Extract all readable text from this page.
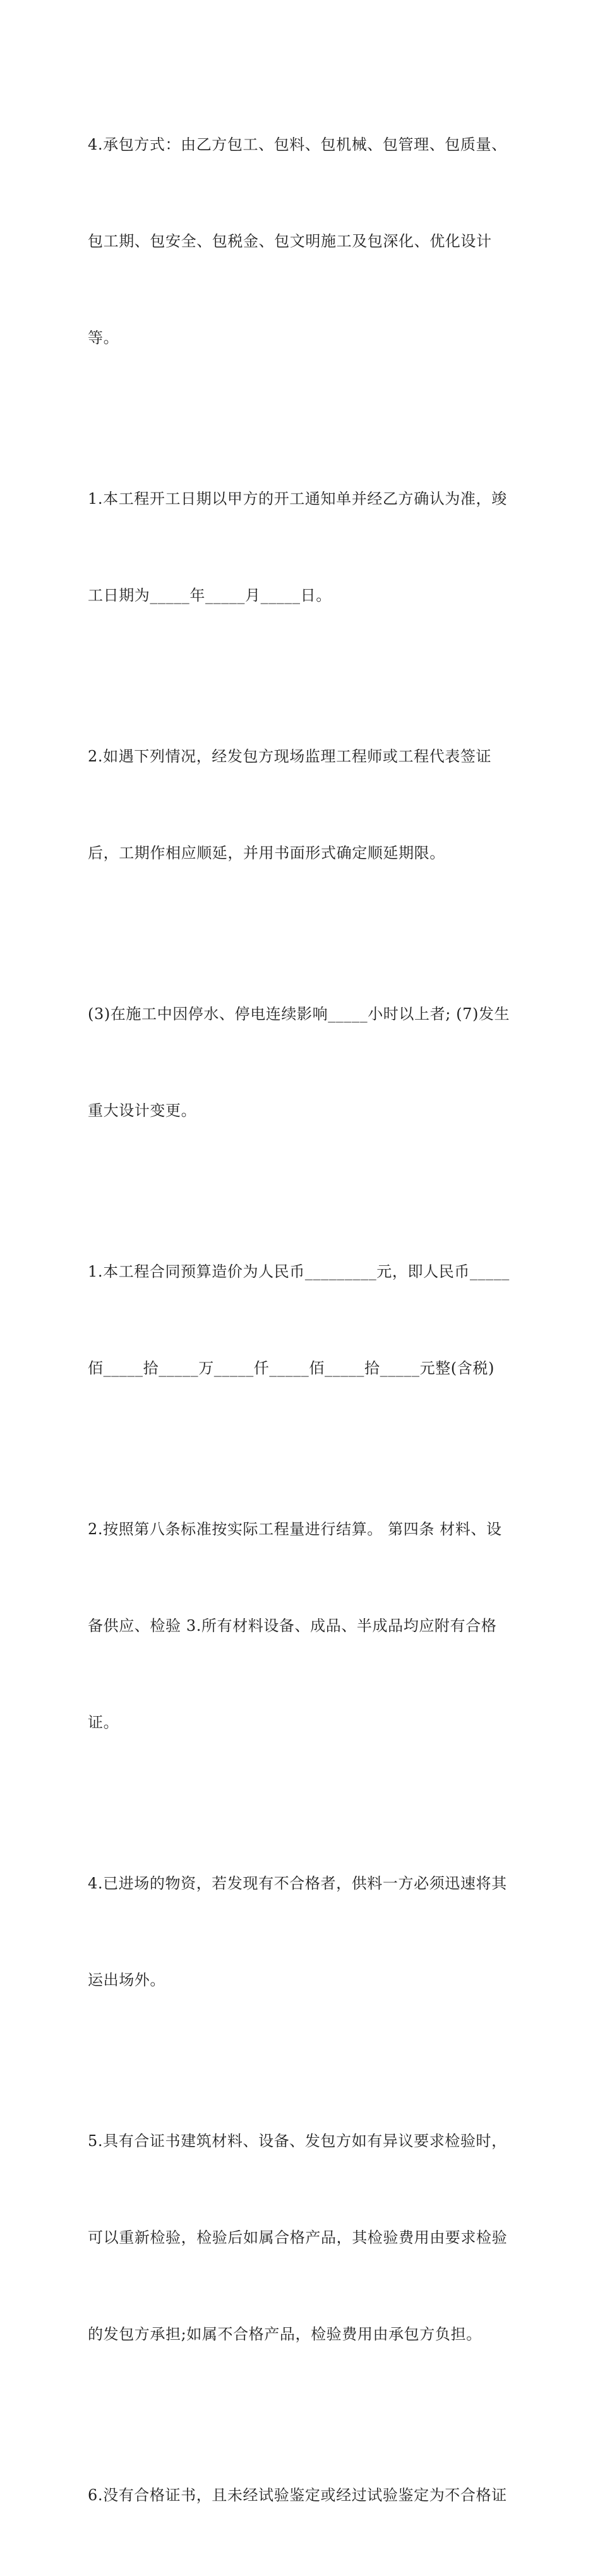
4.承包方式：由乙方包工、包料、包机械、包管理、包质量、

包工期、包安全、包税金、包文明施工及包深化、优化设计

等。

1.本工程开工日期以甲方的开工通知单并经乙方确认为准，竣

工日期为_____年_____月_____日。

2.如遇下列情况，经发包方现场监理工程师或工程代表签证

后，工期作相应顺延，并用书面形式确定顺延期限。

(3)在施工中因停水、停电连续影响_____小时以上者; (7)发生

重大设计变更。

1.本工程合同预算造价为人民币_________元，即人民币_____

佰_____拾_____万_____仟_____佰_____拾_____元整(含税)

2.按照第八条标准按实际工程量进行结算。 第四条 材料、设

备供应、检验 3.所有材料设备、成品、半成品均应附有合格

证。

4.已进场的物资，若发现有不合格者，供料一方必须迅速将其

运出场外。

5.具有合证书建筑材料、设备、发包方如有异议要求检验时，

可以重新检验，检验后如属合格产品，其检验费用由要求检验

的发包方承担;如属不合格产品，检验费用由承包方负担。

6.没有合格证书，且未经试验鉴定或经过试验鉴定为不合格证
